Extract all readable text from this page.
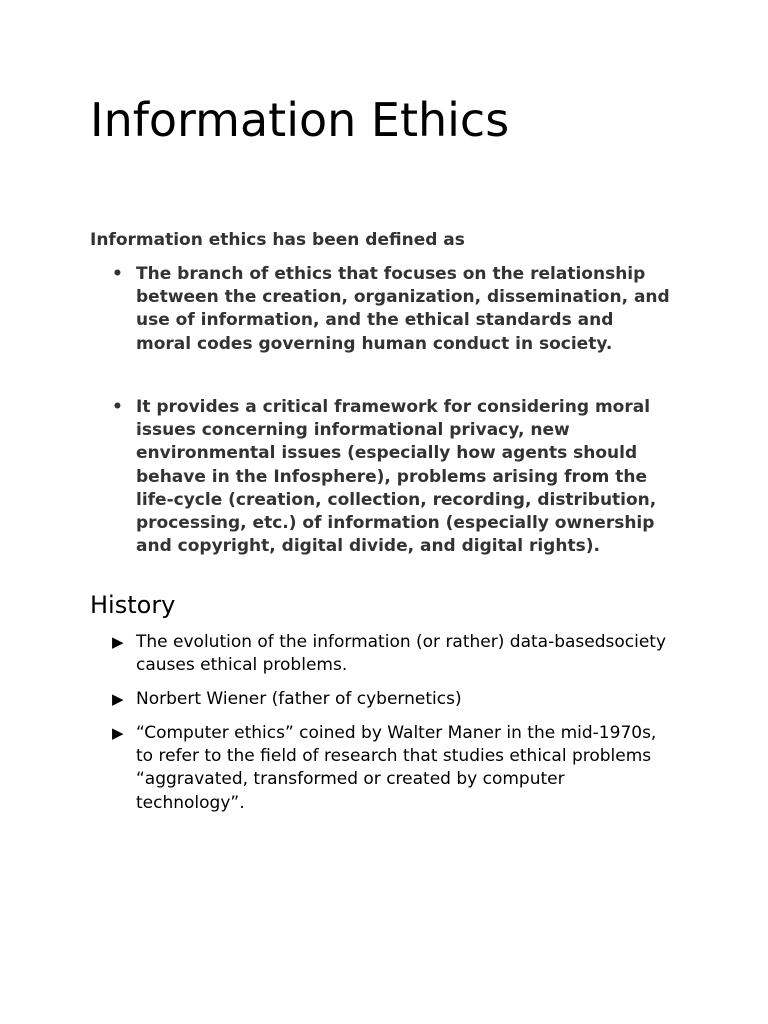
Information Ethics

Information ethics has been defined as

• The branch of ethics that focuses on the relationship between the creation, organization, dissemination, and use of information, and the ethical standards and moral codes governing human conduct in society.
• It provides a critical framework for considering moral issues concerning informational privacy, new environmental issues (especially how agents should behave in the Infosphere), problems arising from the life-cycle (creation, collection, recording, distribution, processing, etc.) of information (especially ownership and copyright, digital divide, and digital rights).
History
▶ The evolution of the information (or rather) data-basedsociety causes ethical problems.
▶ Norbert Wiener (father of cybernetics)
▶ “Computer ethics” coined by Walter Maner in the mid-1970s, to refer to the field of research that studies ethical problems “aggravated, transformed or created by computer technology”.
